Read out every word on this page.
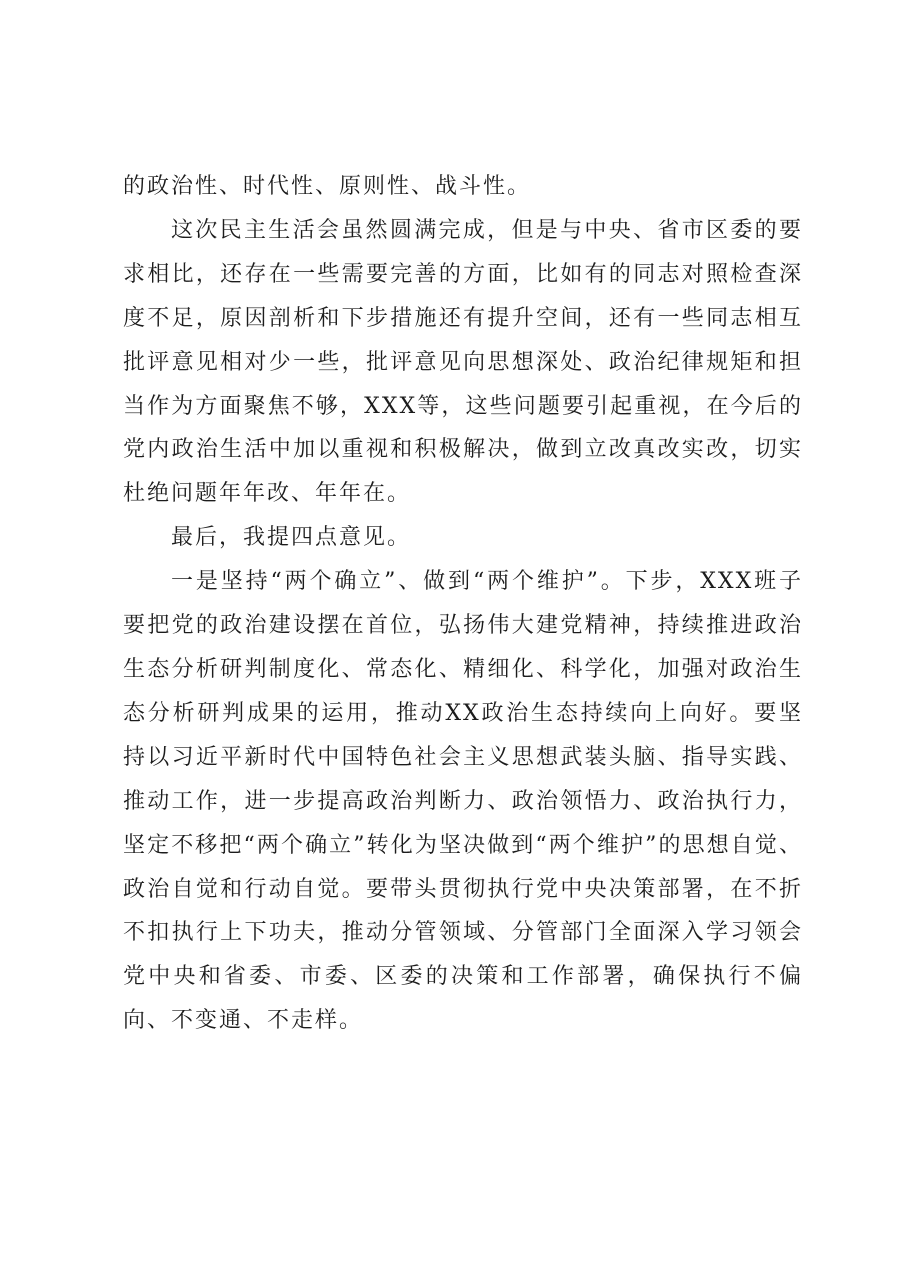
的政治性、时代性、原则性、战斗性。

这次民主生活会虽然圆满完成，但是与中央、省市区委的要求相比，还存在一些需要完善的方面，比如有的同志对照检查深度不足，原因剖析和下步措施还有提升空间，还有一些同志相互批评意见相对少一些，批评意见向思想深处、政治纪律规矩和担当作为方面聚焦不够，XXX等，这些问题要引起重视，在今后的党内政治生活中加以重视和积极解决，做到立改真改实改，切实杜绝问题年年改、年年在。

最后，我提四点意见。

一是坚持“两个确立”、做到“两个维护”。下步，XXX班子要把党的政治建设摆在首位，弘扬伟大建党精神，持续推进政治生态分析研判制度化、常态化、精细化、科学化，加强对政治生态分析研判成果的运用，推动XX政治生态持续向上向好。要坚持以习近平新时代中国特色社会主义思想武装头脑、指导实践、推动工作，进一步提高政治判断力、政治领悟力、政治执行力，坚定不移把“两个确立”转化为坚决做到“两个维护”的思想自觉、政治自觉和行动自觉。要带头贯彻执行党中央决策部署，在不折不扣执行上下功夫，推动分管领域、分管部门全面深入学习领会党中央和省委、市委、区委的决策和工作部署，确保执行不偏向、不变通、不走样。
